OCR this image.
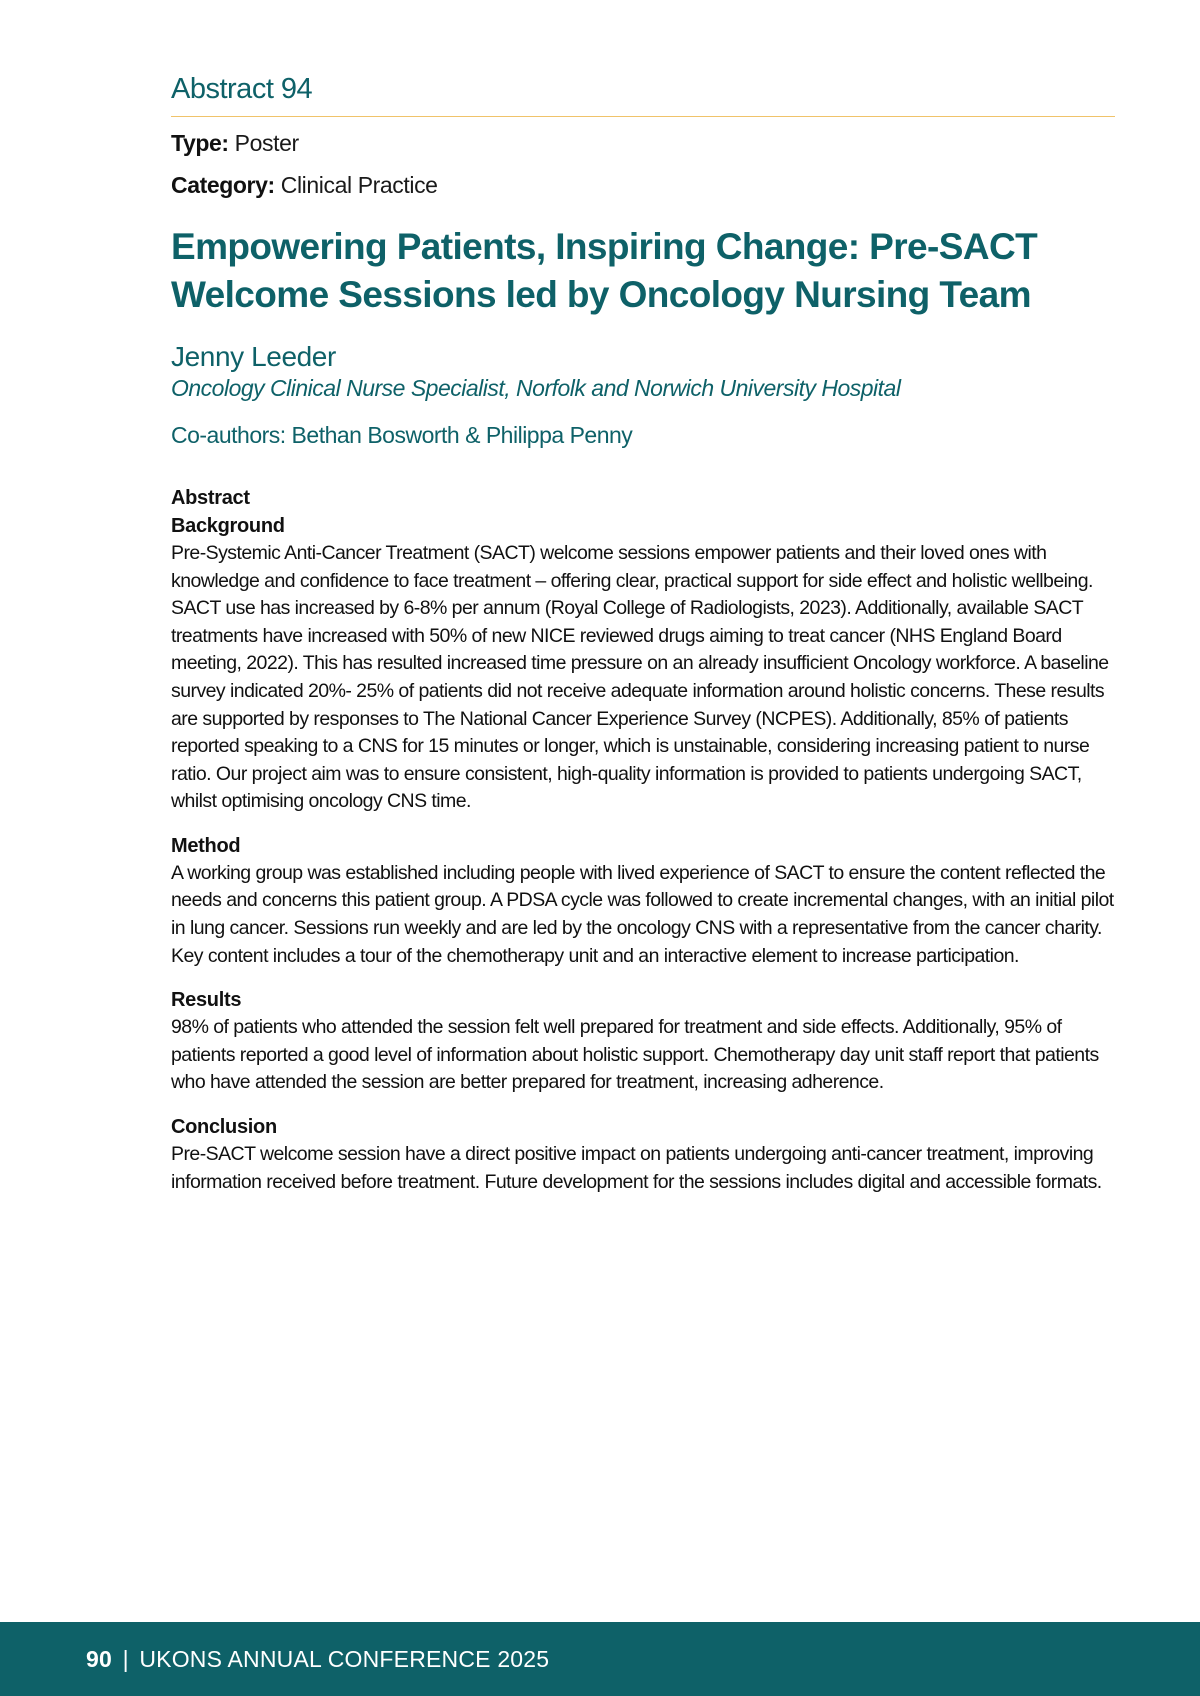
Abstract 94

Type: Poster

Category: Clinical Practice

Empowering Patients, Inspiring Change: Pre-SACT
Welcome Sessions led by Oncology Nursing Team

Jenny Leeder

Oncology Clinical Nurse Specialist, Norfolk and Norwich University Hospital

Co-authors: Bethan Bosworth & Philippa Penny

Abstract
Background

Pre-Systemic Anti-Cancer Treatment (SACT) welcome sessions empower patients and their loved ones with knowledge and confidence to face treatment – offering clear, practical support for side effect and holistic wellbeing. SACT use has increased by 6-8% per annum (Royal College of Radiologists, 2023). Additionally, available SACT treatments have increased with 50% of new NICE reviewed drugs aiming to treat cancer (NHS England Board meeting, 2022). This has resulted increased time pressure on an already insufficient Oncology workforce. A baseline survey indicated 20%- 25% of patients did not receive adequate information around holistic concerns. These results are supported by responses to The National Cancer Experience Survey (NCPES). Additionally, 85% of patients reported speaking to a CNS for 15 minutes or longer, which is unstainable, considering increasing patient to nurse ratio. Our project aim was to ensure consistent, high-quality information is provided to patients undergoing SACT, whilst optimising oncology CNS time.

Method

A working group was established including people with lived experience of SACT to ensure the content reflected the needs and concerns this patient group. A PDSA cycle was followed to create incremental changes, with an initial pilot in lung cancer. Sessions run weekly and are led by the oncology CNS with a representative from the cancer charity. Key content includes a tour of the chemotherapy unit and an interactive element to increase participation.

Results

98% of patients who attended the session felt well prepared for treatment and side effects. Additionally, 95% of patients reported a good level of information about holistic support. Chemotherapy day unit staff report that patients who have attended the session are better prepared for treatment, increasing adherence.

Conclusion

Pre-SACT welcome session have a direct positive impact on patients undergoing anti-cancer treatment, improving information received before treatment. Future development for the sessions includes digital and accessible formats.

90 | UKONS ANNUAL CONFERENCE 2025
